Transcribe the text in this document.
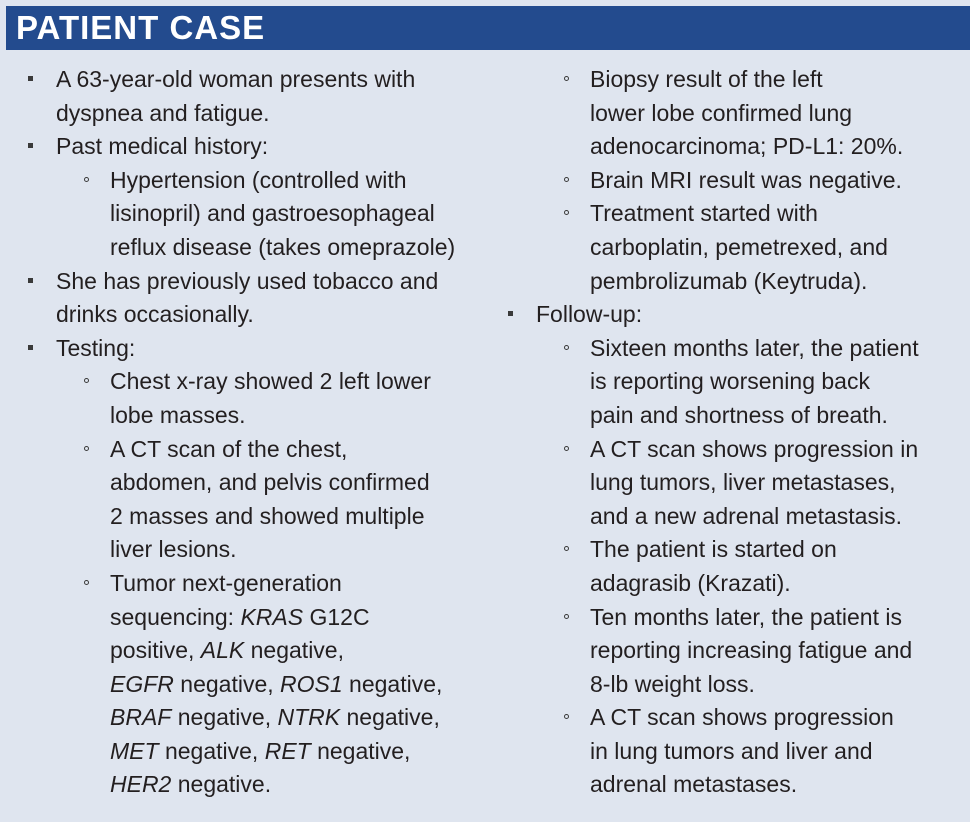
PATIENT CASE
A 63-year-old woman presents with
dyspnea and fatigue.
Past medical history:
Hypertension (controlled with
lisinopril) and gastroesophageal
reflux disease (takes omeprazole)
She has previously used tobacco and
drinks occasionally.
Testing:
Chest x-ray showed 2 left lower
lobe masses.
A CT scan of the chest,
abdomen, and pelvis confirmed
2 masses and showed multiple
liver lesions.
Tumor next-generation
sequencing: KRAS G12C
positive, ALK negative,
EGFR negative, ROS1 negative,
BRAF negative, NTRK negative,
MET negative, RET negative,
HER2 negative.
Biopsy result of the left
lower lobe confirmed lung
adenocarcinoma; PD-L1: 20%.
Brain MRI result was negative.
Treatment started with
carboplatin, pemetrexed, and
pembrolizumab (Keytruda).
Follow-up:
Sixteen months later, the patient
is reporting worsening back
pain and shortness of breath.
A CT scan shows progression in
lung tumors, liver metastases,
and a new adrenal metastasis.
The patient is started on
adagrasib (Krazati).
Ten months later, the patient is
reporting increasing fatigue and
8-lb weight loss.
A CT scan shows progression
in lung tumors and liver and
adrenal metastases.
